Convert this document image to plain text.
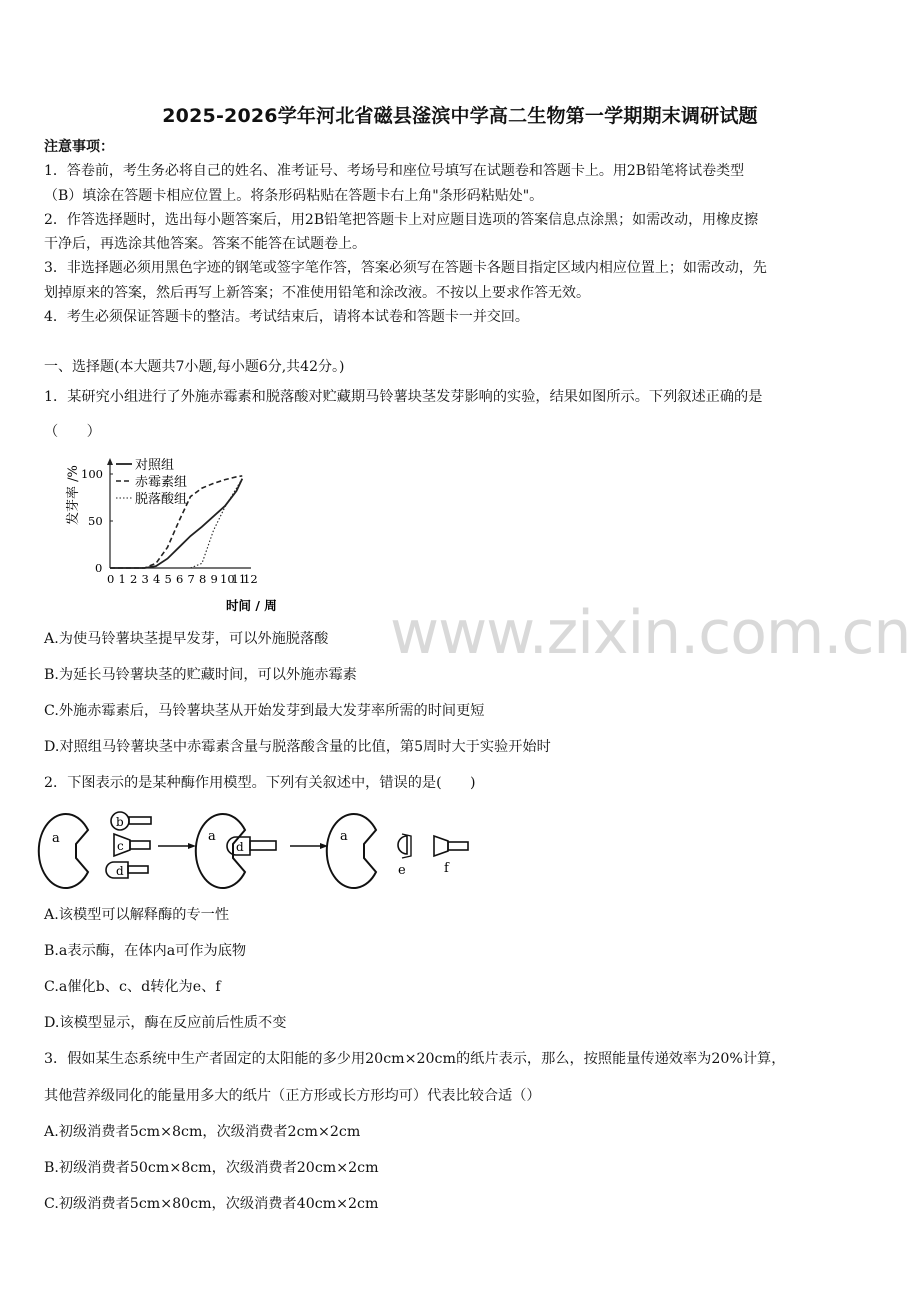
2025-2026学年河北省磁县滏滨中学高二生物第一学期期末调研试题
注意事项：
1．答卷前，考生务必将自己的姓名、准考证号、考场号和座位号填写在试题卷和答题卡上。用2B铅笔将试卷类型
（B）填涂在答题卡相应位置上。将条形码粘贴在答题卡右上角"条形码粘贴处"。
2．作答选择题时，选出每小题答案后，用2B铅笔把答题卡上对应题目选项的答案信息点涂黑；如需改动，用橡皮擦
干净后，再选涂其他答案。答案不能答在试题卷上。
3．非选择题必须用黑色字迹的钢笔或签字笔作答，答案必须写在答题卡各题目指定区域内相应位置上；如需改动，先
划掉原来的答案，然后再写上新答案；不准使用铅笔和涂改液。不按以上要求作答无效。
4．考生必须保证答题卡的整洁。考试结束后，请将本试卷和答题卡一并交回。
一、选择题(本大题共7小题,每小题6分,共42分。)
1．某研究小组进行了外施赤霉素和脱落酸对贮藏期马铃薯块茎发芽影响的实验，结果如图所示。下列叙述正确的是
（　　）
0 1 2 3 4 5 6 7 8 9 10
11
12
0
50
100
对照组
赤霉素组
脱落酸组
发芽率 /%
时间 / 周 www.zixin.com.cn
A.为使马铃薯块茎提早发芽，可以外施脱落酸
B.为延长马铃薯块茎的贮藏时间，可以外施赤霉素
C.外施赤霉素后，马铃薯块茎从开始发芽到最大发芽率所需的时间更短
D.对照组马铃薯块茎中赤霉素含量与脱落酸含量的比值，第5周时大于实验开始时
2．下图表示的是某种酶作用模型。下列有关叙述中，错误的是(　　)
a
b
c
d
a
d
a
e	f
A.该模型可以解释酶的专一性
B.a表示酶，在体内a可作为底物
C.a催化b、c、d转化为e、f
D.该模型显示，酶在反应前后性质不变
3．假如某生态系统中生产者固定的太阳能的多少用20cm×20cm的纸片表示，那么，按照能量传递效率为20%计算，
其他营养级同化的能量用多大的纸片（正方形或长方形均可）代表比较合适（）
A.初级消费者5cm×8cm，次级消费者2cm×2cm
B.初级消费者50cm×8cm，次级消费者20cm×2cm
C.初级消费者5cm×80cm，次级消费者40cm×2cm
